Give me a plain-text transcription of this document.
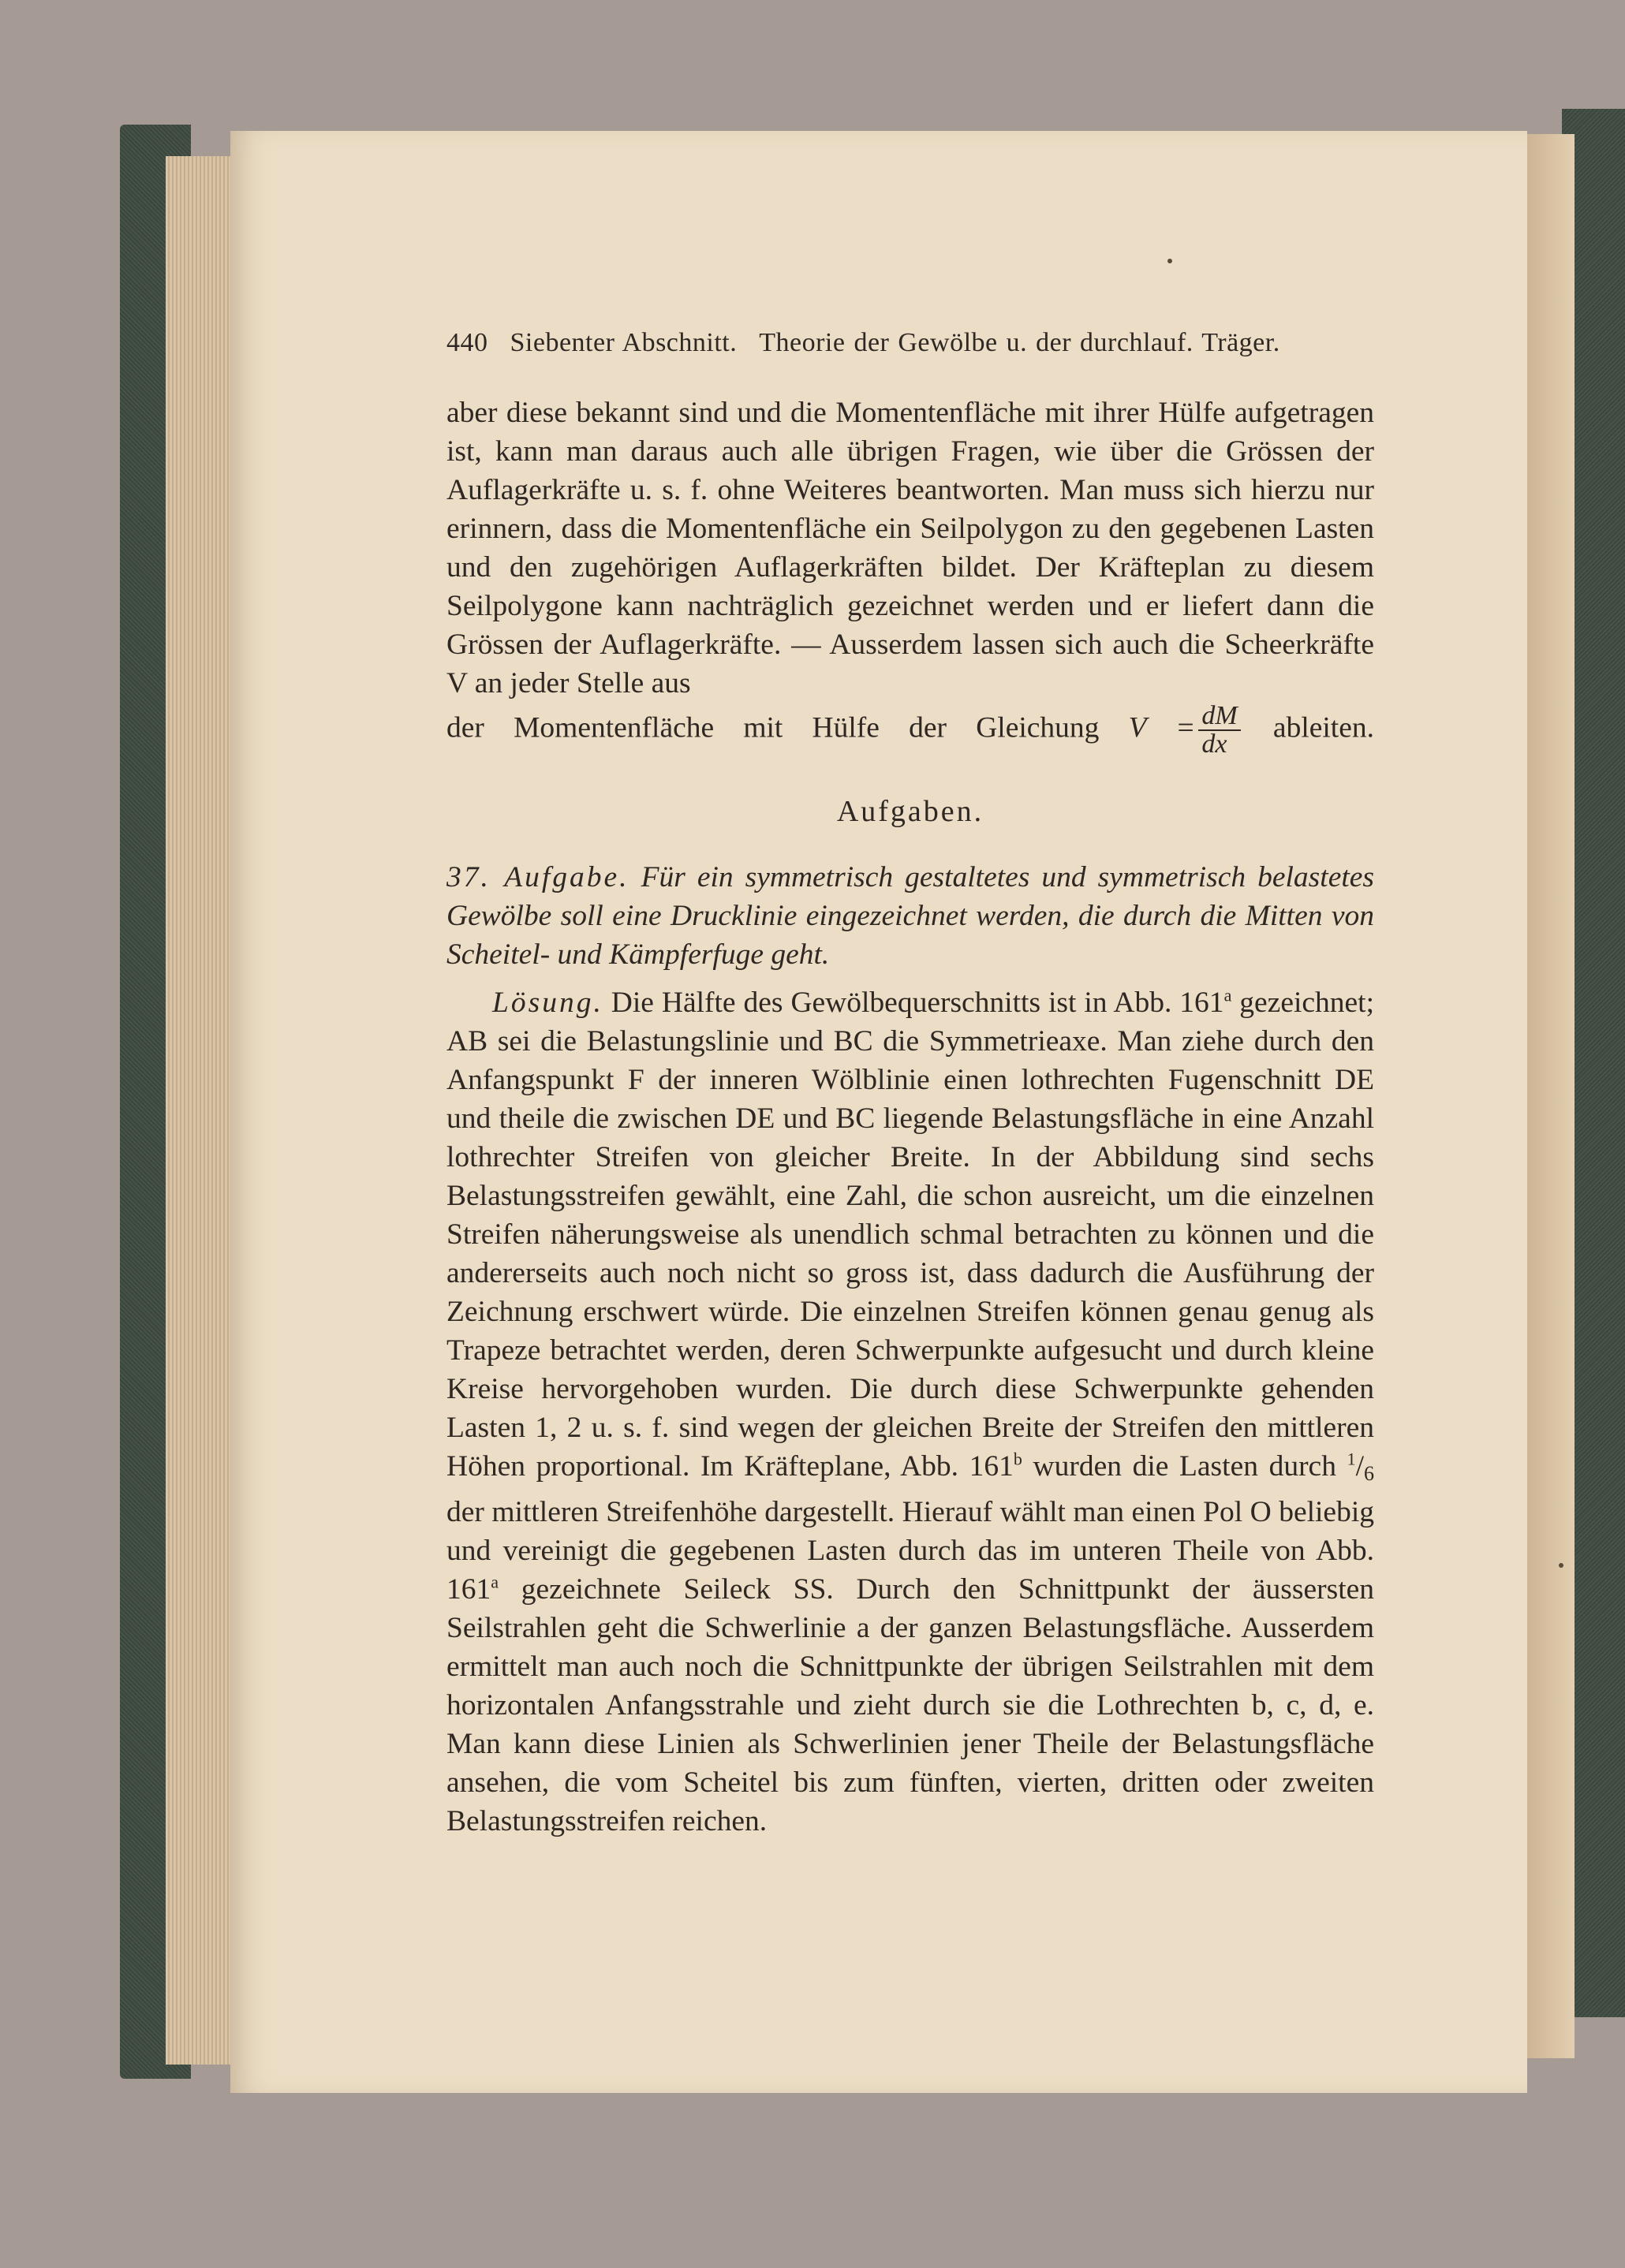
440 Siebenter Abschnitt. Theorie der Gewölbe u. der durchlauf. Träger.

aber diese bekannt sind und die Momentenfläche mit ihrer Hülfe aufgetragen ist, kann man daraus auch alle übrigen Fragen, wie über die Grössen der Auflagerkräfte u. s. f. ohne Weiteres beantworten. Man muss sich hierzu nur erinnern, dass die Momentenfläche ein Seilpolygon zu den gegebenen Lasten und den zugehörigen Auflagerkräften bildet. Der Kräfteplan zu diesem Seilpolygone kann nachträglich gezeichnet werden und er liefert dann die Grössen der Auflagerkräfte. — Ausserdem lassen sich auch die Scheerkräfte V an jeder Stelle aus

der Momentenfläche mit Hülfe der Gleichung $V = \frac{dM}{dx}$ ableiten.

Aufgaben.

37. Aufgabe. Für ein symmetrisch gestaltetes und symmetrisch belastetes Gewölbe soll eine Drucklinie eingezeichnet werden, die durch die Mitten von Scheitel- und Kämpferfuge geht.

Lösung. Die Hälfte des Gewölbequerschnitts ist in Abb. 161$^a$ gezeichnet; AB sei die Belastungslinie und BC die Symmetrieaxe. Man ziehe durch den Anfangspunkt F der inneren Wölblinie einen lothrechten Fugenschnitt DE und theile die zwischen DE und BC liegende Belastungsfläche in eine Anzahl lothrechter Streifen von gleicher Breite. In der Abbildung sind sechs Belastungsstreifen gewählt, eine Zahl, die schon ausreicht, um die einzelnen Streifen näherungsweise als unendlich schmal betrachten zu können und die andererseits auch noch nicht so gross ist, dass dadurch die Ausführung der Zeichnung erschwert würde. Die einzelnen Streifen können genau genug als Trapeze betrachtet werden, deren Schwerpunkte aufgesucht und durch kleine Kreise hervorgehoben wurden. Die durch diese Schwerpunkte gehenden Lasten 1, 2 u. s. f. sind wegen der gleichen Breite der Streifen den mittleren Höhen proportional. Im Kräfteplane, Abb. 161$^b$ wurden die Lasten durch $^1$/6 der mittleren Streifenhöhe dargestellt. Hierauf wählt man einen Pol O beliebig und vereinigt die gegebenen Lasten durch das im unteren Theile von Abb. 161$^a$ gezeichnete Seileck SS. Durch den Schnittpunkt der äussersten Seilstrahlen geht die Schwerlinie a der ganzen Belastungsfläche. Ausserdem ermittelt man auch noch die Schnittpunkte der übrigen Seilstrahlen mit dem horizontalen Anfangsstrahle und zieht durch sie die Lothrechten b, c, d, e. Man kann diese Linien als Schwerlinien jener Theile der Belastungsfläche ansehen, die vom Scheitel bis zum fünften, vierten, dritten oder zweiten Belastungsstreifen reichen.
